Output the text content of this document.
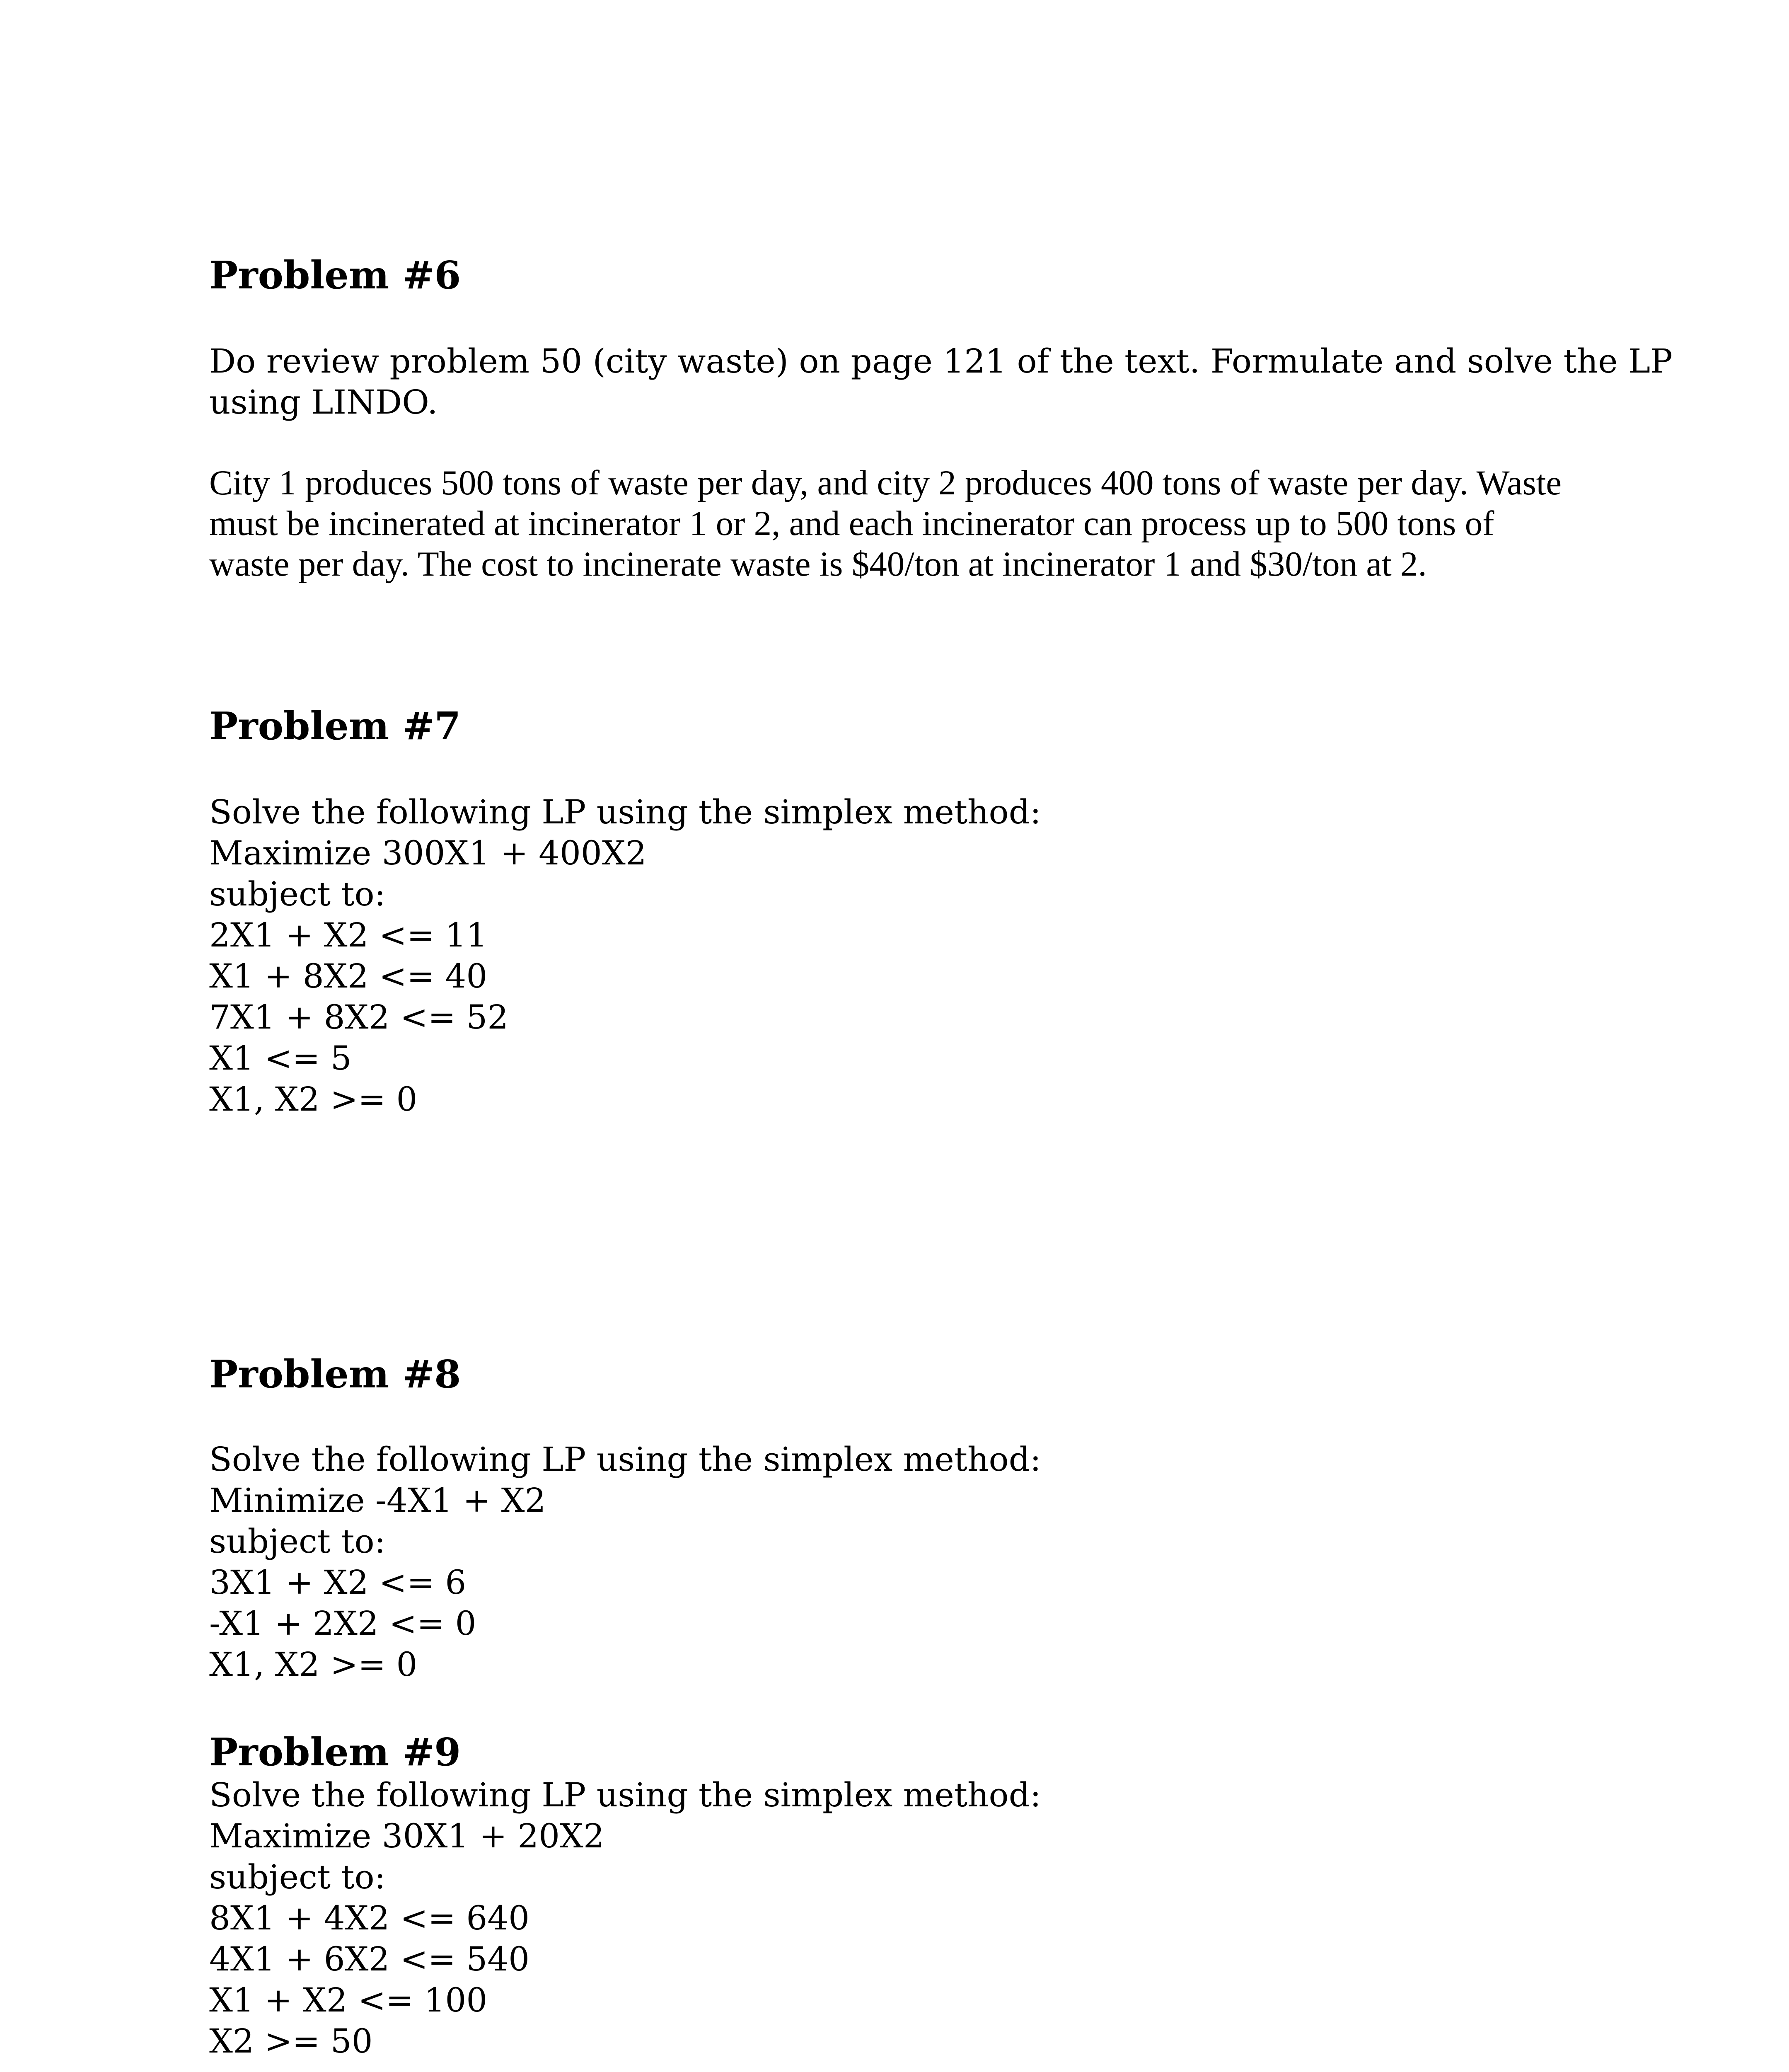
Problem #6
Do review problem 50 (city waste) on page 121 of the text. Formulate and solve the LP
using LINDO.
City 1 produces 500 tons of waste per day, and city 2 produces 400 tons of waste per day. Waste
must be incinerated at incinerator 1 or 2, and each incinerator can process up to 500 tons of
waste per day. The cost to incinerate waste is $40/ton at incinerator 1 and $30/ton at 2.
Problem #7
Solve the following LP using the simplex method:
Maximize 300X1 + 400X2
subject to:
2X1 + X2 <= 11
X1 + 8X2 <= 40
7X1 + 8X2 <= 52
X1 <= 5
X1, X2 >= 0
Problem #8
Solve the following LP using the simplex method:
Minimize -4X1 + X2
subject to:
3X1 + X2 <= 6
-X1 + 2X2 <= 0
X1, X2 >= 0
Problem #9
Solve the following LP using the simplex method:
Maximize 30X1 + 20X2
subject to:
8X1 + 4X2 <= 640
4X1 + 6X2 <= 540
X1 + X2 <= 100
X2 >= 50
